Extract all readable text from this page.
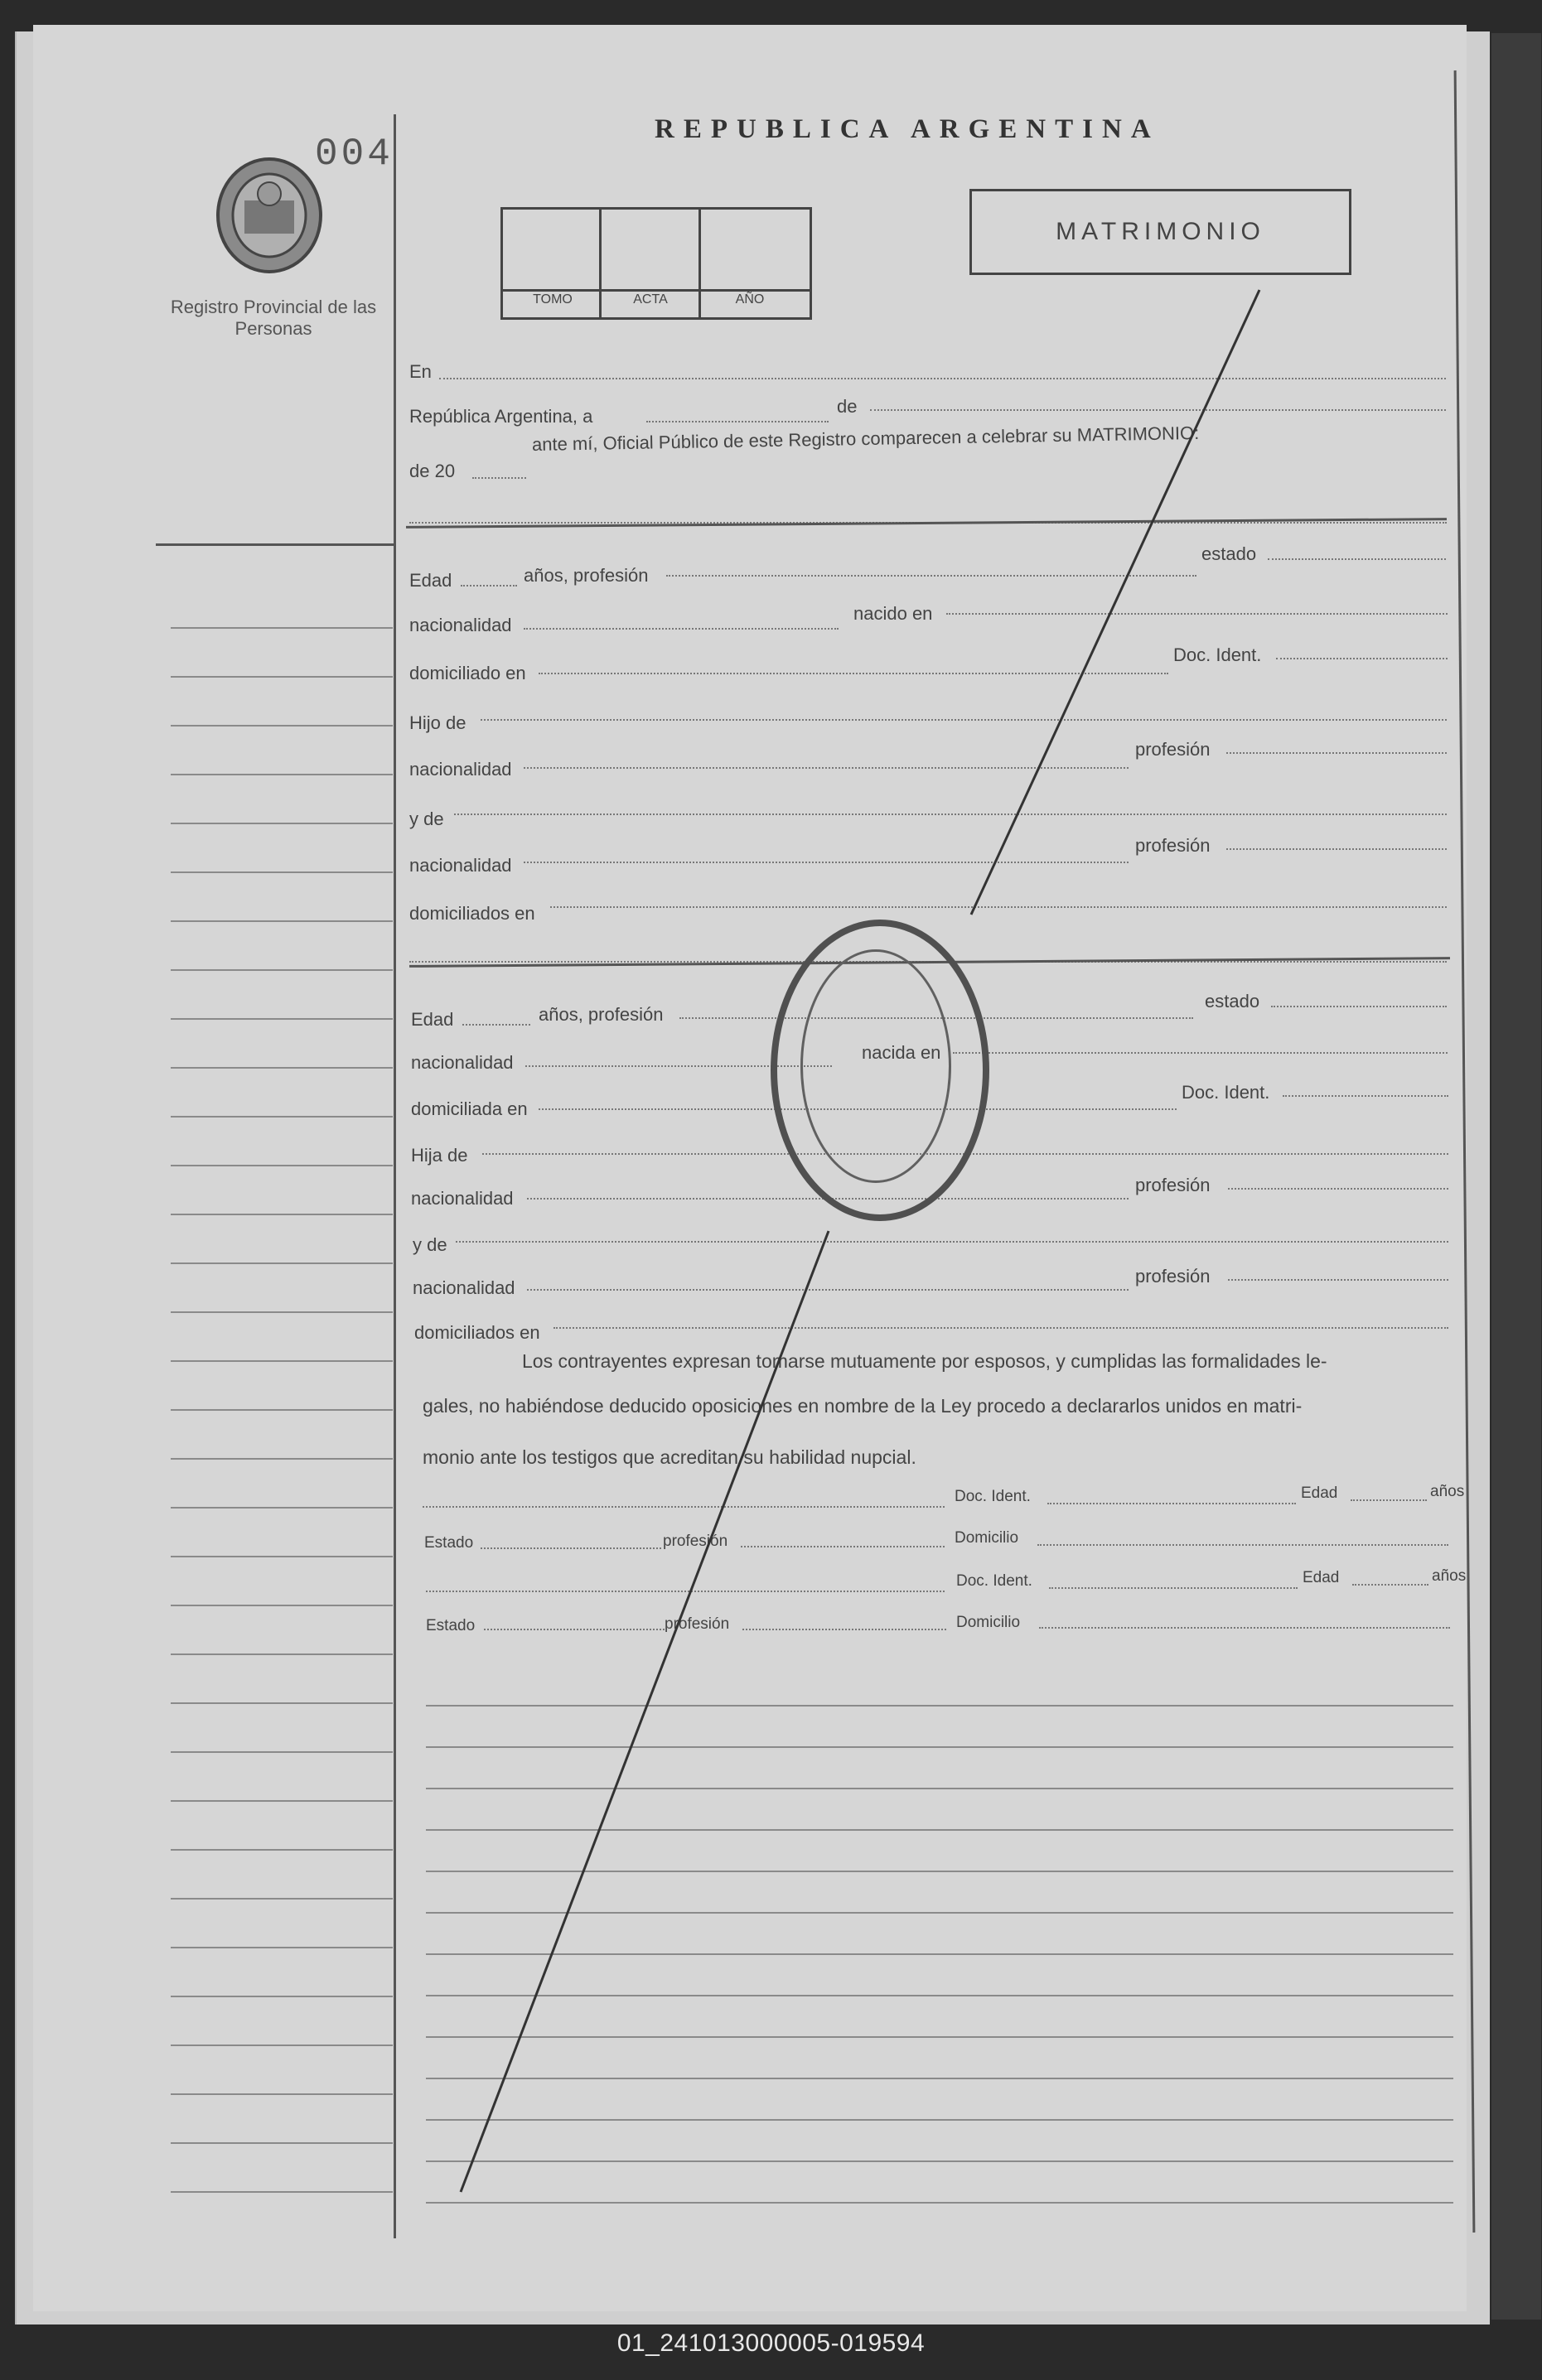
004
Registro Provincial de las Personas
REPUBLICA ARGENTINA
MATRIMONIO
TOMO	ACTA	AÑO
En
República Argentina, a	de
de 20
ante mí, Oficial Público de este Registro comparecen a celebrar su MATRIMONIO:
Edad	años, profesión
estado
nacionalidad
nacido en
domiciliado en
Doc. Ident.
Hijo de
nacionalidad
profesión
y de
nacionalidad
profesión
domiciliados en
Edad	años, profesión
estado
nacionalidad	nacida en
domiciliada en
Doc. Ident.
Hija de
nacionalidad
profesión
y de
nacionalidad
profesión
domiciliados en
Los contrayentes expresan tomarse mutuamente por esposos, y cumplidas las formalidades le-
gales, no habiéndose deducido oposiciones en nombre de la Ley procedo a declararlos unidos en matri-
monio ante los testigos que acreditan su habilidad nupcial.
Doc. Ident.	Edad	años
Estado	profesión	Domicilio
Doc. Ident.	Edad	años
Estado	profesión	Domicilio
01_241013000005-019594
